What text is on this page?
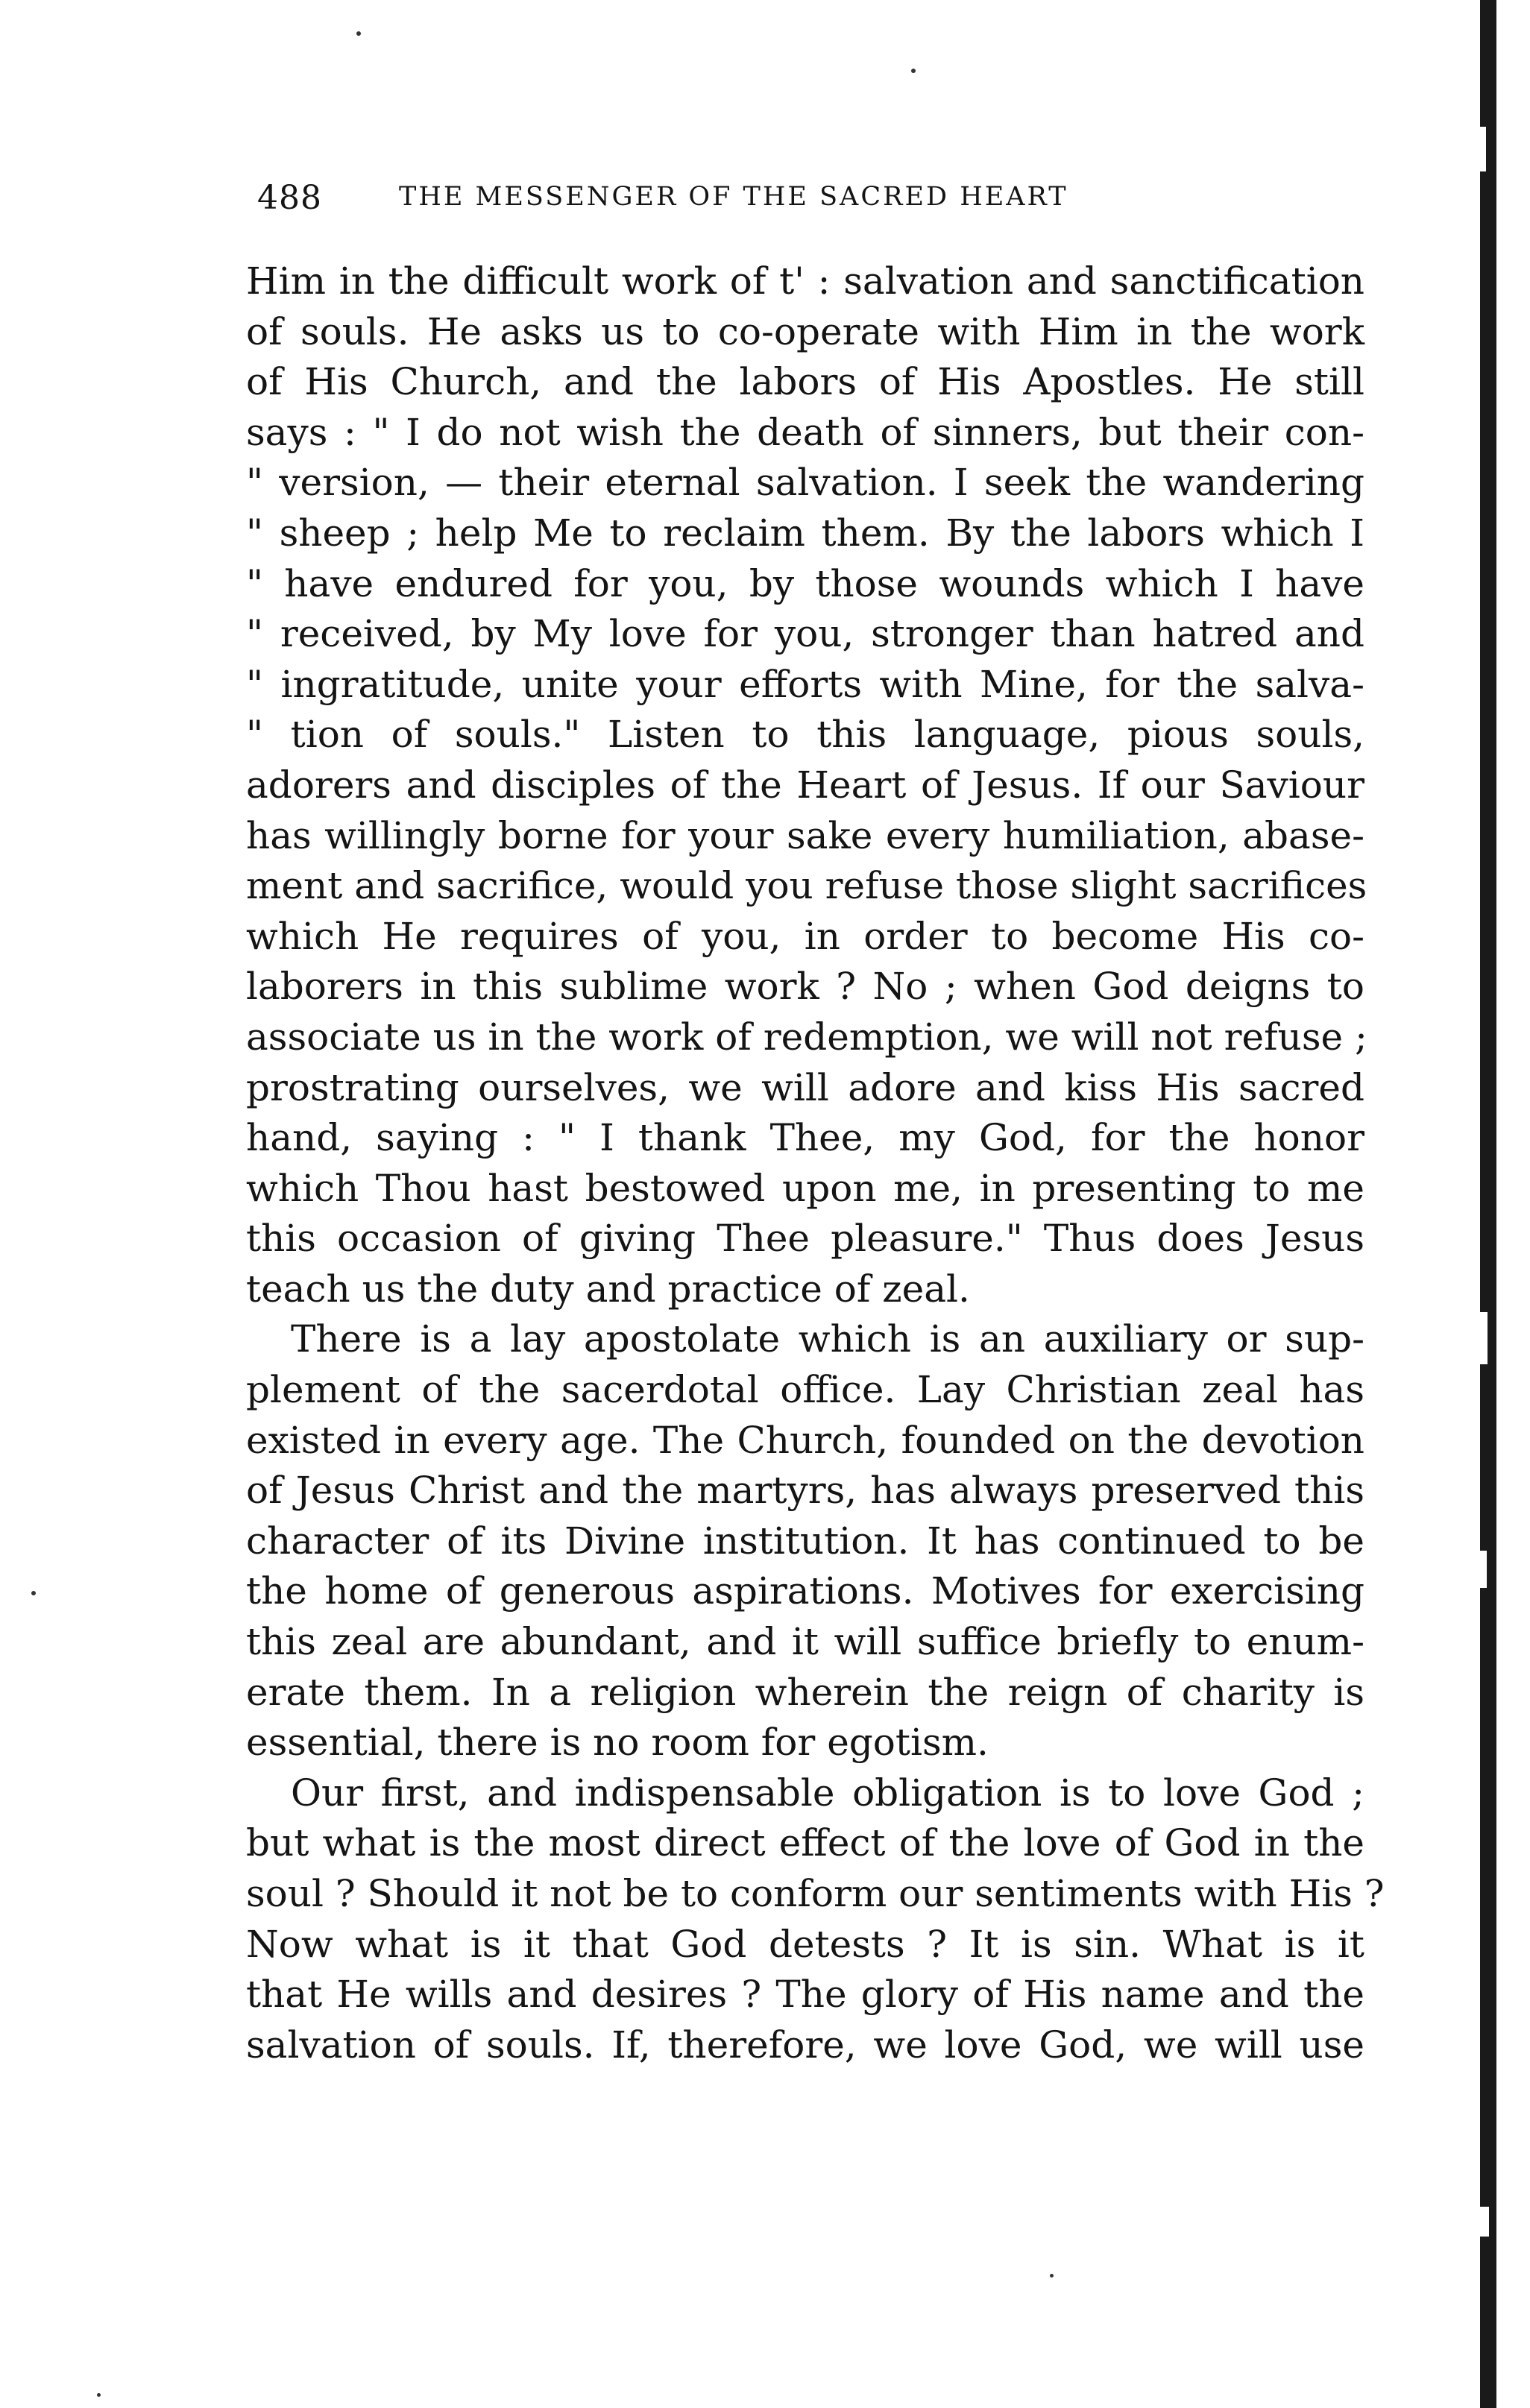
488	THE MESSENGER OF THE SACRED HEART
Him in the difficult work of t' : salvation and sanctification
of souls. He asks us to co-operate with Him in the work
of His Church, and the labors of His Apostles. He still
says : " I do not wish the death of sinners, but their con-
" version, — their eternal salvation. I seek the wandering
" sheep ; help Me to reclaim them. By the labors which I
" have endured for you, by those wounds which I have
" received, by My love for you, stronger than hatred and
" ingratitude, unite your efforts with Mine, for the salva-
" tion of souls." Listen to this language, pious souls,
adorers and disciples of the Heart of Jesus. If our Saviour
has willingly borne for your sake every humiliation, abase-
ment and sacrifice, would you refuse those slight sacrifices
which He requires of you, in order to become His co-
laborers in this sublime work ? No ; when God deigns to
associate us in the work of redemption, we will not refuse ;
prostrating ourselves, we will adore and kiss His sacred
hand, saying : " I thank Thee, my God, for the honor
which Thou hast bestowed upon me, in presenting to me
this occasion of giving Thee pleasure." Thus does Jesus
teach us the duty and practice of zeal.
There is a lay apostolate which is an auxiliary or sup-
plement of the sacerdotal office. Lay Christian zeal has
existed in every age. The Church, founded on the devotion
of Jesus Christ and the martyrs, has always preserved this
character of its Divine institution. It has continued to be
the home of generous aspirations. Motives for exercising
this zeal are abundant, and it will suffice briefly to enum-
erate them. In a religion wherein the reign of charity is
essential, there is no room for egotism.
Our first, and indispensable obligation is to love God ;
but what is the most direct effect of the love of God in the
soul ? Should it not be to conform our sentiments with His ?
Now what is it that God detests ? It is sin. What is it
that He wills and desires ? The glory of His name and the
salvation of souls. If, therefore, we love God, we will use
